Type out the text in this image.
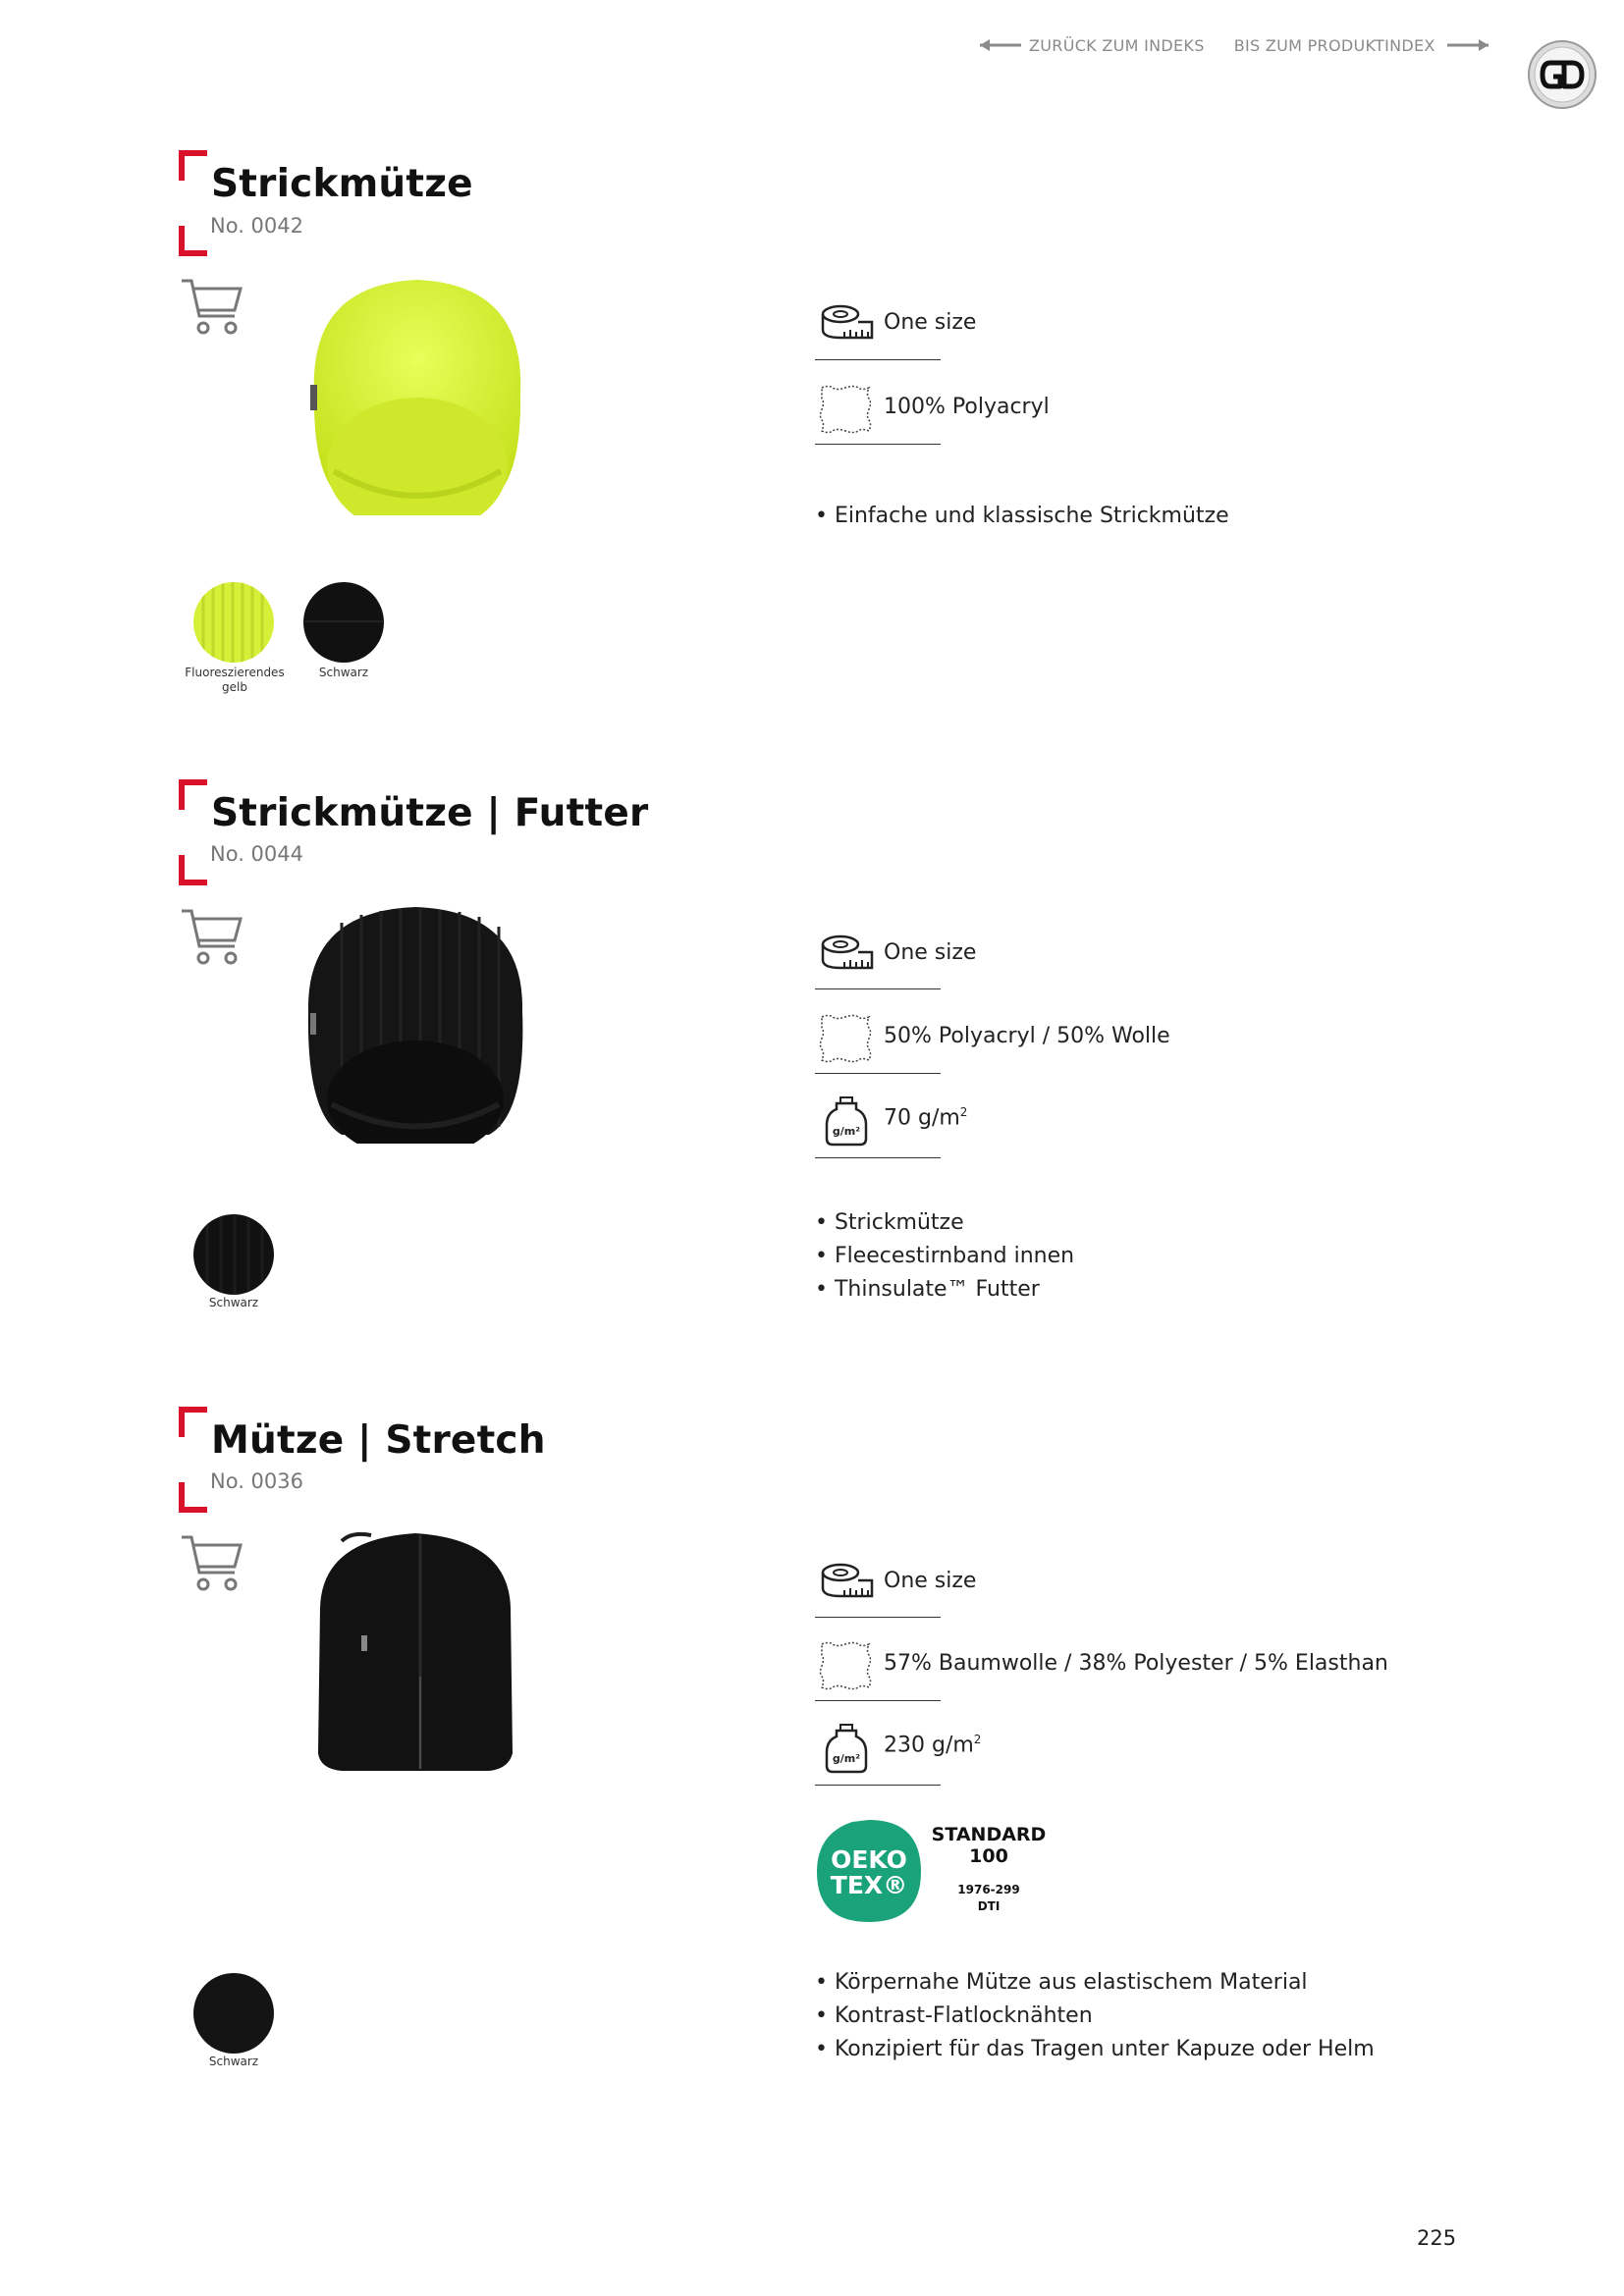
ZURÜCK ZUM INDEKS BIS ZUM PRODUKTINDEX
Strickmütze
No. 0042
One size
100% Polyacryl
• Einfache und klassische Strickmütze
Fluoreszierendes gelb
Schwarz
Strickmütze | Futter
No. 0044
One size
50% Polyacryl / 50% Wolle
g/m²
70 $g/m^2$
• Strickmütze
• Fleecestirnband innen
• Thinsulate™ Futter
Schwarz
Mütze | Stretch
No. 0036
One size
57% Baumwolle / 38% Polyester / 5% Elasthan
g/m²
230 $g/m^2$
OEKO
TEX®
STANDARD
100
1976-299
DTI
• Körpernahe Mütze aus elastischem Material
• Kontrast-Flatlocknähten
• Konzipiert für das Tragen unter Kapuze oder Helm
Schwarz
225
